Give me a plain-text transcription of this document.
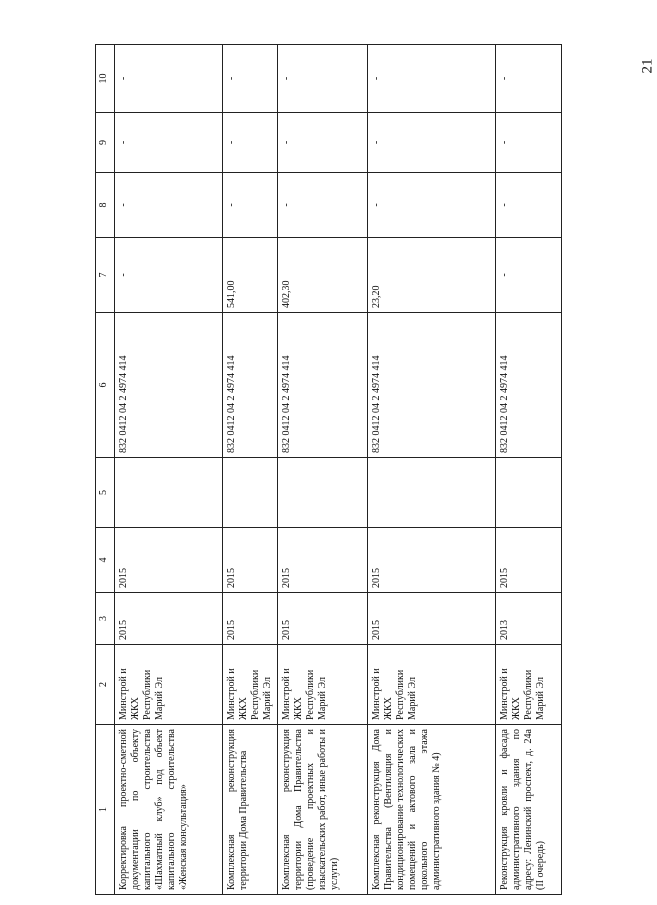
21
1	2	3	4	5	6	7	8	9	10
Корректировка проектно-сметной документации по объекту капитального строительства «Шахматный клуб» под объект капитального строительства «Женская консультация»	Минстрой и ЖКХ Республики Марий Эл	2015	2015		832 0412 04 2 4974 414	-	-	-	-
Комплексная реконструкция территории Дома Правительства	Минстрой и ЖКХ Республики Марий Эл	2015	2015		832 0412 04 2 4974 414	541,00	-	-	-
Комплексная реконструкция территории Дома Правительства (проведение проектных и изыскательских работ, иные работы и услуги)	Минстрой и ЖКХ Республики Марий Эл	2015	2015		832 0412 04 2 4974 414	402,30	-	-	-
Комплексная реконструкция Дома Правительства (Вентиляция и кондиционирование технологических помещений и актового зала и цокольного этажа административного здания № 4)	Минстрой и ЖКХ Республики Марий Эл	2015	2015		832 0412 04 2 4974 414	23,20	-	-	-
Реконструкция кровли и фасада административного здания по адресу: Ленинский проспект, д. 24а (II очередь)	Минстрой и ЖКХ Республики Марий Эл	2013	2015		832 0412 04 2 4974 414	-	-	-	-
